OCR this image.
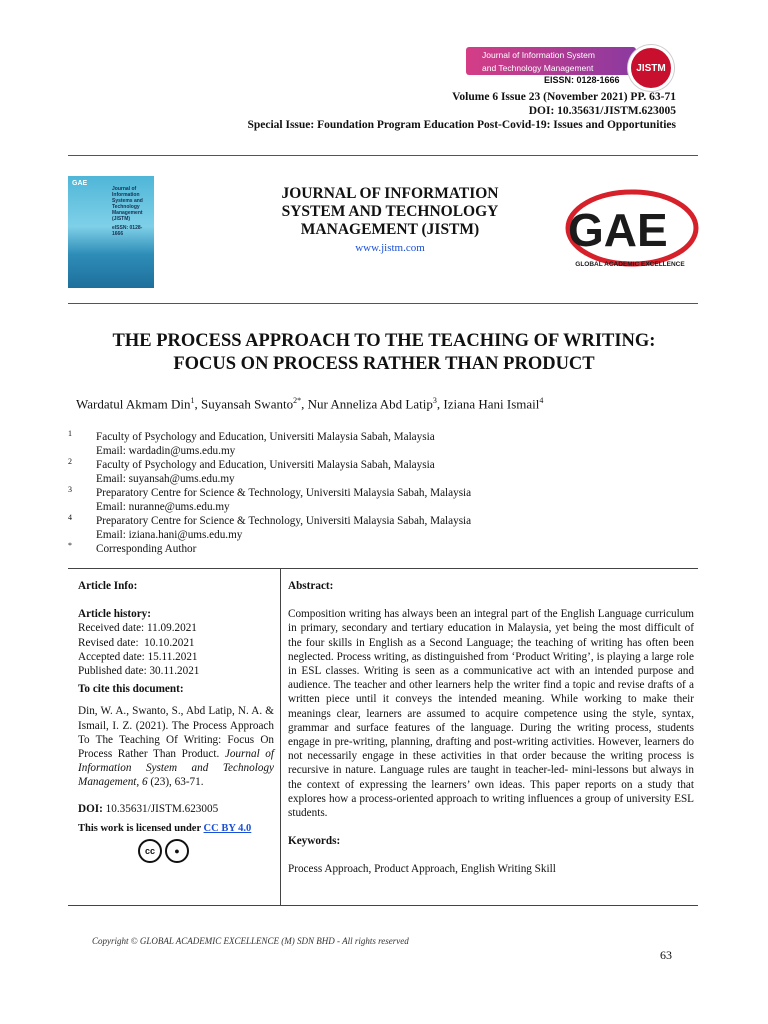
Journal of Information System
and Technology Management
EISSN: 0128-1666
JISTM
Volume 6 Issue 23 (November 2021) PP. 63-71
DOI: 10.35631/JISTM.623005
Special Issue: Foundation Program Education Post-Covid-19: Issues and Opportunities
GAE
Journal of Information Systems and Technology Management (JISTM)
eISSN: 0128-1666
JOURNAL OF INFORMATION
SYSTEM AND TECHNOLOGY
MANAGEMENT (JISTM)
www.jistm.com	GAE
GLOBAL ACADEMIC EXCELLENCE
THE PROCESS APPROACH TO THE TEACHING OF WRITING:
FOCUS ON PROCESS RATHER THAN PRODUCT
Wardatul Akmam Din$^1$, Suyansah Swanto$^{2*}$, Nur Anneliza Abd Latip$^3$, Iziana Hani Ismail$^4$
1 Faculty of Psychology and Education, Universiti Malaysia Sabah, Malaysia
Email: wardadin@ums.edu.my
2 Faculty of Psychology and Education, Universiti Malaysia Sabah, Malaysia
Email: suyansah@ums.edu.my
3 Preparatory Centre for Science & Technology, Universiti Malaysia Sabah, Malaysia
Email: nuranne@ums.edu.my
4 Preparatory Centre for Science & Technology, Universiti Malaysia Sabah, Malaysia
Email: iziana.hani@ums.edu.my
* Corresponding Author
Article Info:
Article history:
Received date: 11.09.2021
Revised date:  10.10.2021
Accepted date: 15.11.2021
Published date: 30.11.2021
To cite this document:
Din, W. A., Swanto, S., Abd Latip, N. A. & Ismail, I. Z. (2021). The Process Approach To The Teaching Of Writing: Focus On Process Rather Than Product. Journal of Information System and Technology Management, 6 (23), 63-71.
DOI: 10.35631/JISTM.623005
This work is licensed under CC BY 4.0
cc	●
Abstract:
Composition writing has always been an integral part of the English Language curriculum in primary, secondary and tertiary education in Malaysia, yet being the most difficult of the four skills in English as a Second Language; the teaching of writing has often been neglected. Process writing, as distinguished from ‘Product Writing’, is playing a large role in ESL classes. Writing is seen as a communicative act with an intended purpose and audience. The teacher and other learners help the writer find a topic and revise drafts of a written piece until it conveys the intended meaning. While working to make their meanings clear, learners are assumed to acquire competence using the style, syntax, grammar and surface features of the language. During the writing process, students engage in pre-writing, planning, drafting and post-writing activities. However, learners do not necessarily engage in these activities in that order because the writing process is recursive in nature. Language rules are taught in teacher-led- mini-lessons but always in the context of expressing the learners’ own ideas. This paper reports on a study that explores how a process-oriented approach to writing influences a group of university ESL students.
Keywords:
Process Approach, Product Approach, English Writing Skill
Copyright © GLOBAL ACADEMIC EXCELLENCE (M) SDN BHD - All rights reserved
63
